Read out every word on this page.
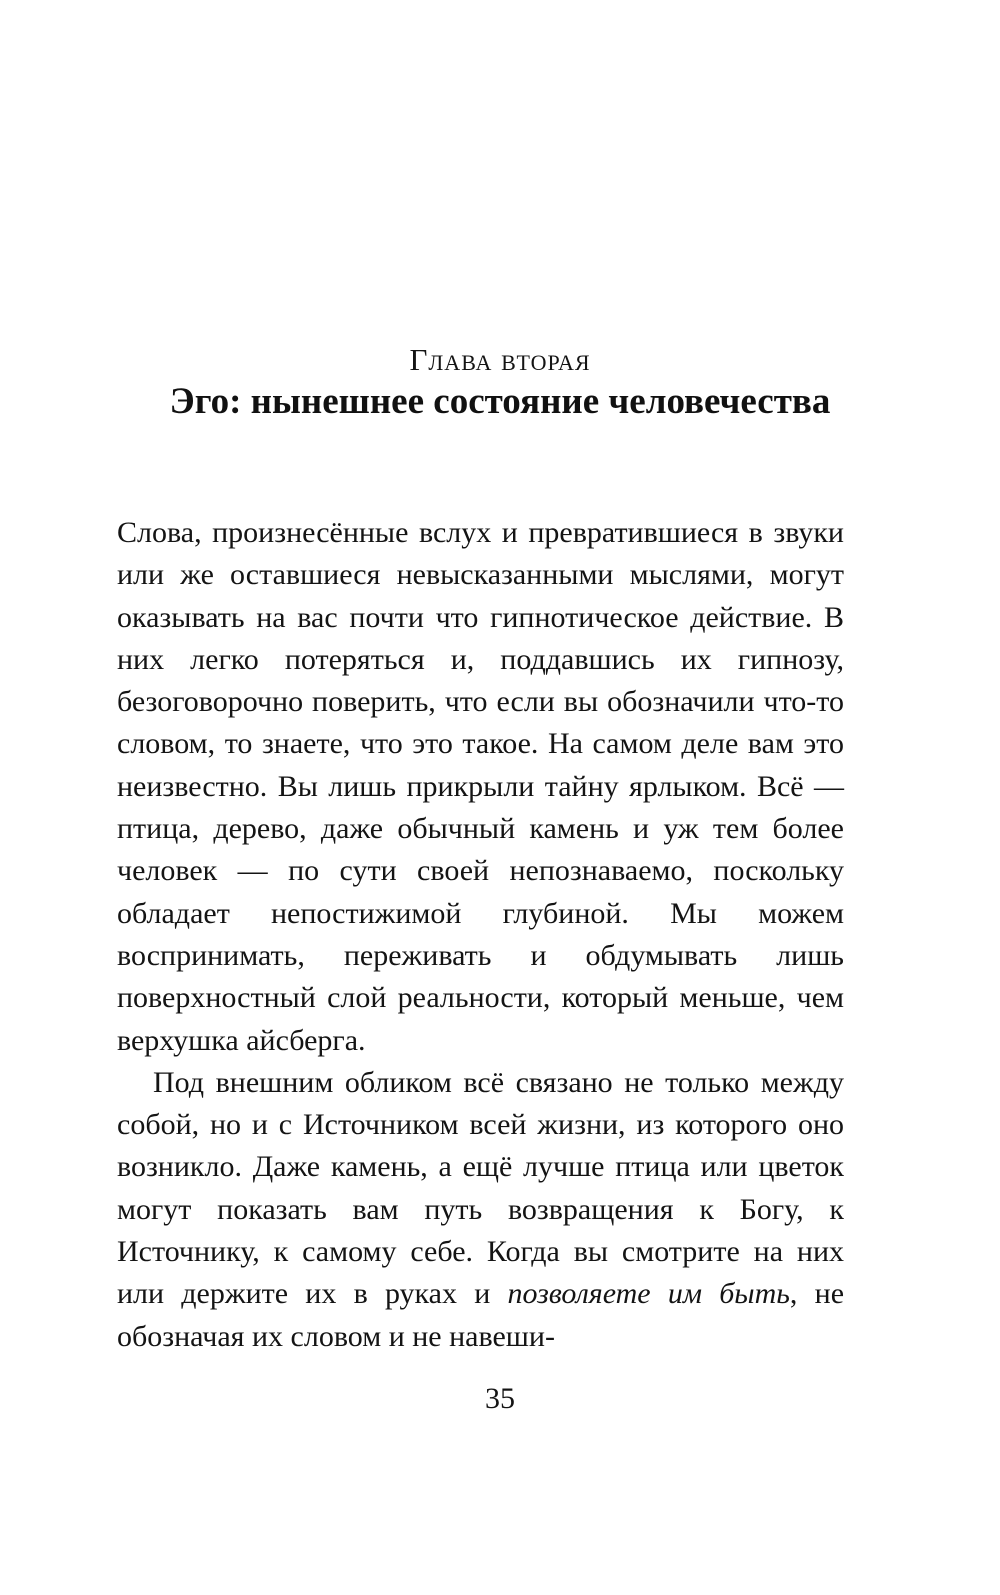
Глава вторая
Эго: нынешнее состояние человечества

Слова, произнесённые вслух и превратившиеся в звуки или же оставшиеся невысказанными мыслями, могут оказывать на вас почти что гипнотическое действие. В них легко потеряться и, поддавшись их гипнозу, безоговорочно поверить, что если вы обозначили что-то словом, то знаете, что это такое. На самом деле вам это неизвестно. Вы лишь прикрыли тайну ярлыком. Всё — птица, дерево, даже обычный камень и уж тем более человек — по сути своей непознаваемо, поскольку обладает непостижимой глубиной. Мы можем воспринимать, переживать и обдумывать лишь поверхностный слой реальности, который меньше, чем верхушка айсберга.

Под внешним обликом всё связано не только между собой, но и с Источником всей жизни, из которого оно возникло. Даже камень, а ещё лучше птица или цветок могут показать вам путь возвращения к Богу, к Источнику, к самому себе. Когда вы смотрите на них или держите их в руках и позволяете им быть, не обозначая их словом и не навеши-

35
